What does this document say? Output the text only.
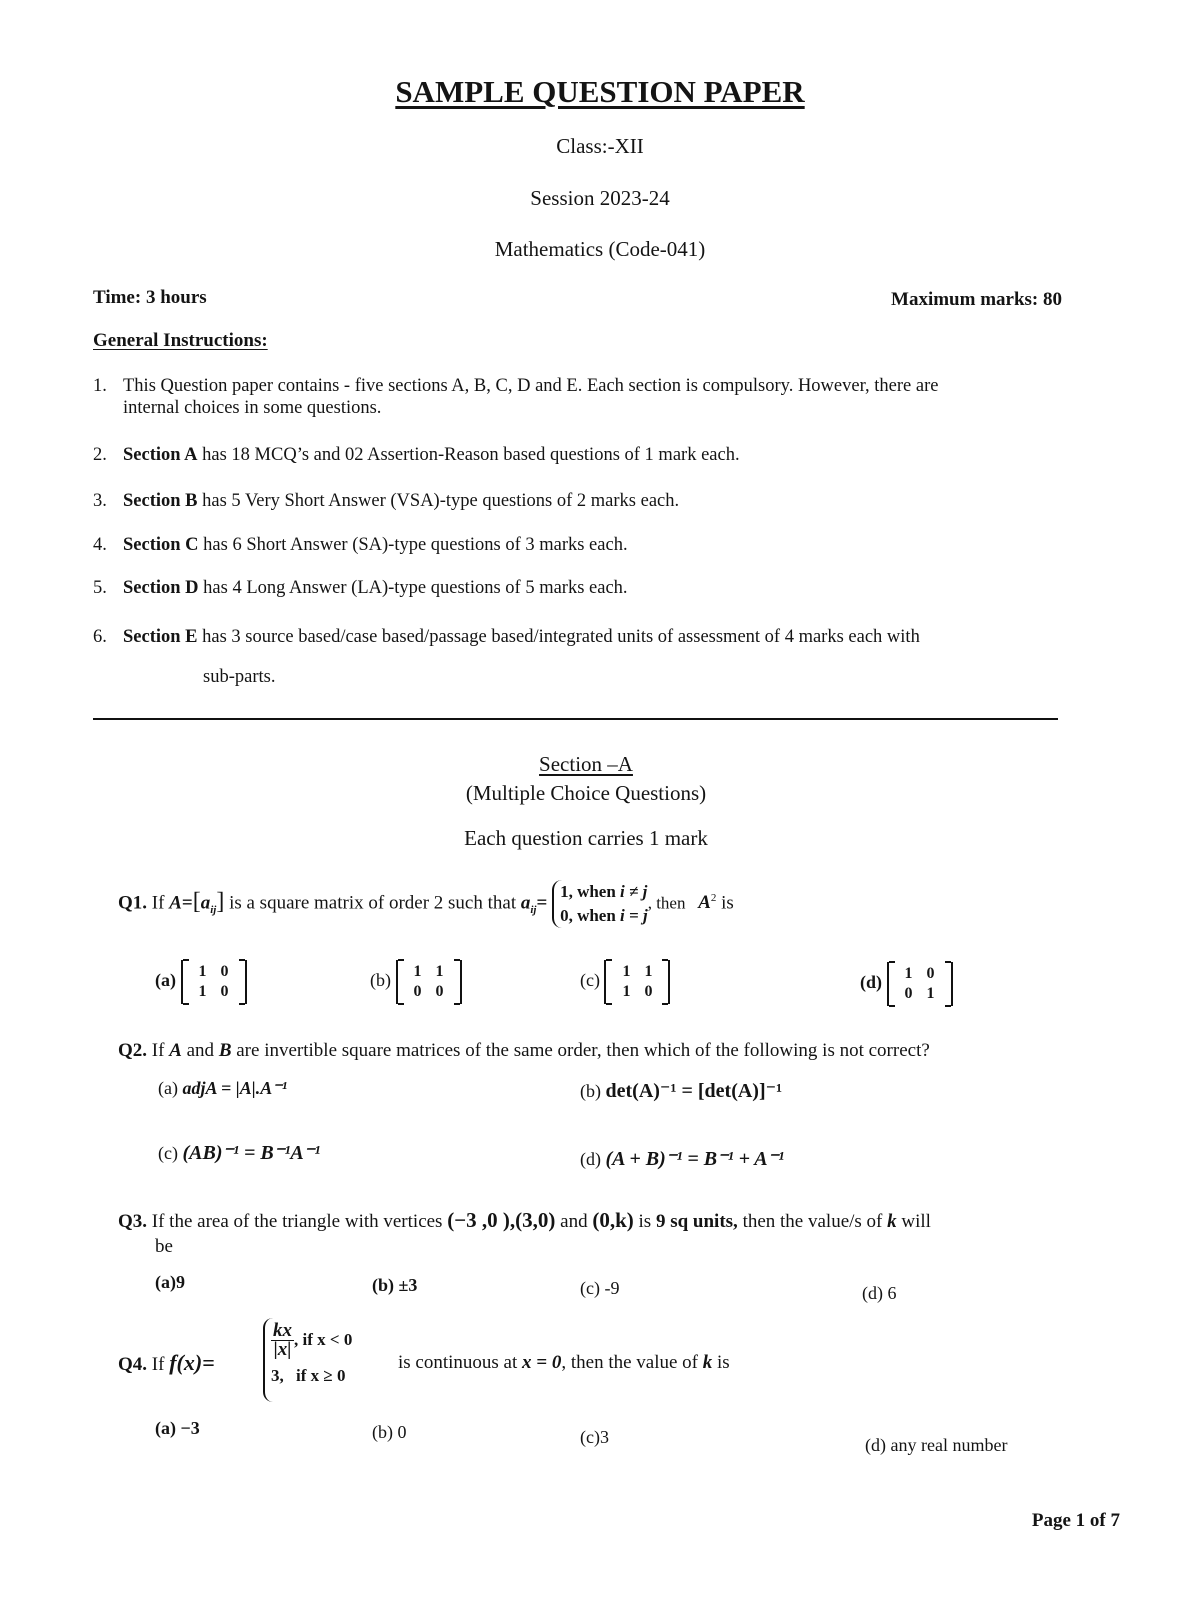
SAMPLE QUESTION PAPER
Class:-XII
Session 2023-24
Mathematics (Code-041)
Time: 3 hours	Maximum marks: 80
General Instructions:
1. This Question paper contains - five sections A, B, C, D and E. Each section is compulsory. However, there are
internal choices in some questions.
2. Section A has 18 MCQ’s and 02 Assertion-Reason based questions of 1 mark each.
3. Section B has 5 Very Short Answer (VSA)-type questions of 2 marks each.
4. Section C has 6 Short Answer (SA)-type questions of 3 marks each.
5. Section D has 4 Long Answer (LA)-type questions of 5 marks each.
6. Section E has 3 source based/case based/passage based/integrated units of assessment of 4 marks each with
sub-parts.
Section –A
(Multiple Choice Questions)
Each question carries 1 mark
Q1. If $A=[a_{ij}]$ is a square matrix of order 2 such that $a_{ij}=$
1, when i ≠ j
0, when i = j
, then $A^2$ is
(a) 1	0
1	0
(b) 1	1
0	0
(c) 1	1
1	0	(d) 1	0
0	1
Q2. If A and B are invertible square matrices of the same order, then which of the following is not correct?
(a) adjA = |A|.A⁻¹	(b) det(A)⁻¹ = [det(A)]⁻¹
(c) (AB)⁻¹ = B⁻¹A⁻¹	(d) (A + B)⁻¹ = B⁻¹ + A⁻¹
Q3. If the area of the triangle with vertices (−3 ,0 ),(3,0) and (0,k) is 9 sq units, then the value/s of k will
be
(a)9	(b) ±3	(c) -9	(d) 6
Q4. If f(x)=
$\frac{kx}{|x|}$ , if x < 0
3, if x ≥ 0
is continuous at x = 0, then the value of k is
(a) −3	(b) 0	(c)3	(d) any real number
Page 1 of 7
